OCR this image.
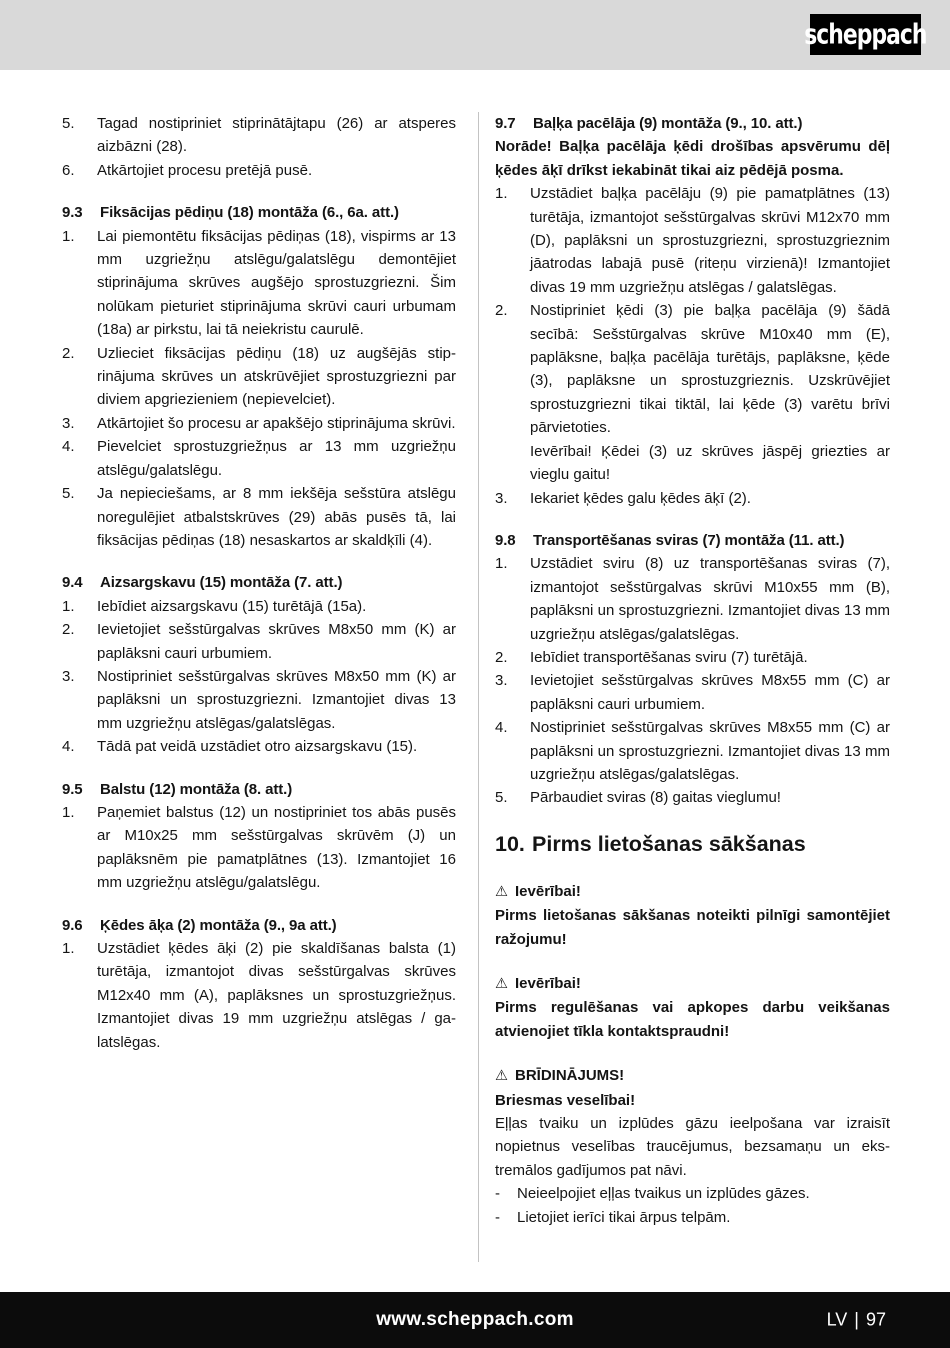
scheppach
5.	Tagad nostipriniet stiprinātājtapu (26) ar atsperes aizbāzni (28).
6.	Atkārtojiet procesu pretējā pusē.
9.3	Fiksācijas pēdiņu (18) montāža (6., 6a. att.)
1.	Lai piemontētu fiksācijas pēdiņas (18), vispirms ar 13 mm uzgriežņu atslēgu/galatslēgu demontējiet stiprinājuma skrūves augšējo sprostuzgriezni. Šim nolūkam pieturiet stiprinājuma skrūvi cauri urbumam (18a) ar pirkstu, lai tā neiekristu caurulē.
2.	Uzlieciet fiksācijas pēdiņu (18) uz augšējās stiprinājuma skrūves un atskrūvējiet sprostuzgriezni par diviem apgriezieniem (nepievelciet).
3.	Atkārtojiet šo procesu ar apakšējo stiprinājuma skrūvi.
4.	Pievelciet sprostuzgriežņus ar 13 mm uzgriežņu atslēgu/galatslēgu.
5.	Ja nepieciešams, ar 8 mm iekšēja sešstūra atslēgu noregulējiet atbalstskrūves (29) abās pusēs tā, lai fiksācijas pēdiņas (18) nesaskartos ar skaldķīli (4).
9.4	Aizsargskavu (15) montāža (7. att.)
1.	Iebīdiet aizsargskavu (15) turētājā (15a).
2.	Ievietojiet sešstūrgalvas skrūves M8x50 mm (K) ar paplāksni cauri urbumiem.
3.	Nostipriniet sešstūrgalvas skrūves M8x50 mm (K) ar paplāksni un sprostuzgriezni. Izmantojiet divas 13 mm uzgriežņu atslēgas/galatslēgas.
4.	Tādā pat veidā uzstādiet otro aizsargskavu (15).
9.5	Balstu (12) montāža (8. att.)
1.	Paņemiet balstus (12) un nostipriniet tos abās pusēs ar M10x25 mm sešstūrgalvas skrūvēm (J) un paplāksnēm pie pamatplātnes (13). Izmantojiet 16 mm uzgriežņu atslēgu/galatslēgu.
9.6	Ķēdes āķa (2) montāža (9., 9a att.)
1.	Uzstādiet ķēdes āķi (2) pie skaldīšanas balsta (1) turētāja, izmantojot divas sešstūrgalvas skrūves M12x40 mm (A), paplāksnes un sprostuzgriežņus. Izmantojiet divas 19 mm uzgriežņu atslēgas / galatslēgas.
9.7	Baļķa pacēlāja (9) montāža (9., 10. att.)
Norāde! Baļķa pacēlāja ķēdi drošības apsvērumu dēļ ķēdes āķī drīkst iekabināt tikai aiz pēdējā posma.
1.	Uzstādiet baļķa pacēlāju (9) pie pamatplātnes (13) turētāja, izmantojot sešstūrgalvas skrūvi M12x70 mm (D), paplāksni un sprostuzgriezni, sprostuzgrieznim jāatrodas labajā pusē (riteņu virzienā)! Izmantojiet divas 19 mm uzgriežņu atslēgas / galatslēgas.
2.	Nostipriniet ķēdi (3) pie baļķa pacēlāja (9) šādā secībā: Sešstūrgalvas skrūve M10x40 mm (E), paplāksne, baļķa pacēlāja turētājs, paplāksne, ķēde (3), paplāksne un sprostuzgrieznis. Uzskrūvējiet sprostuzgriezni tikai tiktāl, lai ķēde (3) varētu brīvi pārvietoties.
Ievērībai! Ķēdei (3) uz skrūves jāspēj griezties ar vieglu gaitu!
3.	Iekariet ķēdes galu ķēdes āķī (2).
9.8	Transportēšanas sviras (7) montāža (11. att.)
1.	Uzstādiet sviru (8) uz transportēšanas sviras (7), izmantojot sešstūrgalvas skrūvi M10x55 mm (B), paplāksni un sprostuzgriezni. Izmantojiet divas 13 mm uzgriežņu atslēgas/galatslēgas.
2.	Iebīdiet transportēšanas sviru (7) turētājā.
3.	Ievietojiet sešstūrgalvas skrūves M8x55 mm (C) ar paplāksni cauri urbumiem.
4.	Nostipriniet sešstūrgalvas skrūves M8x55 mm (C) ar paplāksni un sprostuzgriezni. Izmantojiet divas 13 mm uzgriežņu atslēgas/galatslēgas.
5.	Pārbaudiet sviras (8) gaitas vieglumu!
10. Pirms lietošanas sākšanas
⚠ Ievērībai!
Pirms lietošanas sākšanas noteikti pilnīgi samontējiet ražojumu!
⚠ Ievērībai!
Pirms regulēšanas vai apkopes darbu veikšanas atvienojiet tīkla kontaktspraudni!
⚠ BRĪDINĀJUMS!
Briesmas veselībai!
Eļļas tvaiku un izplūdes gāzu ieelpošana var izraisīt nopietnus veselības traucējumus, bezsamaņu un ekstremālos gadījumos pat nāvi.
-	Neieelpojiet eļļas tvaikus un izplūdes gāzes.
-	Lietojiet ierīci tikai ārpus telpām.
www.scheppach.com	LV | 97
